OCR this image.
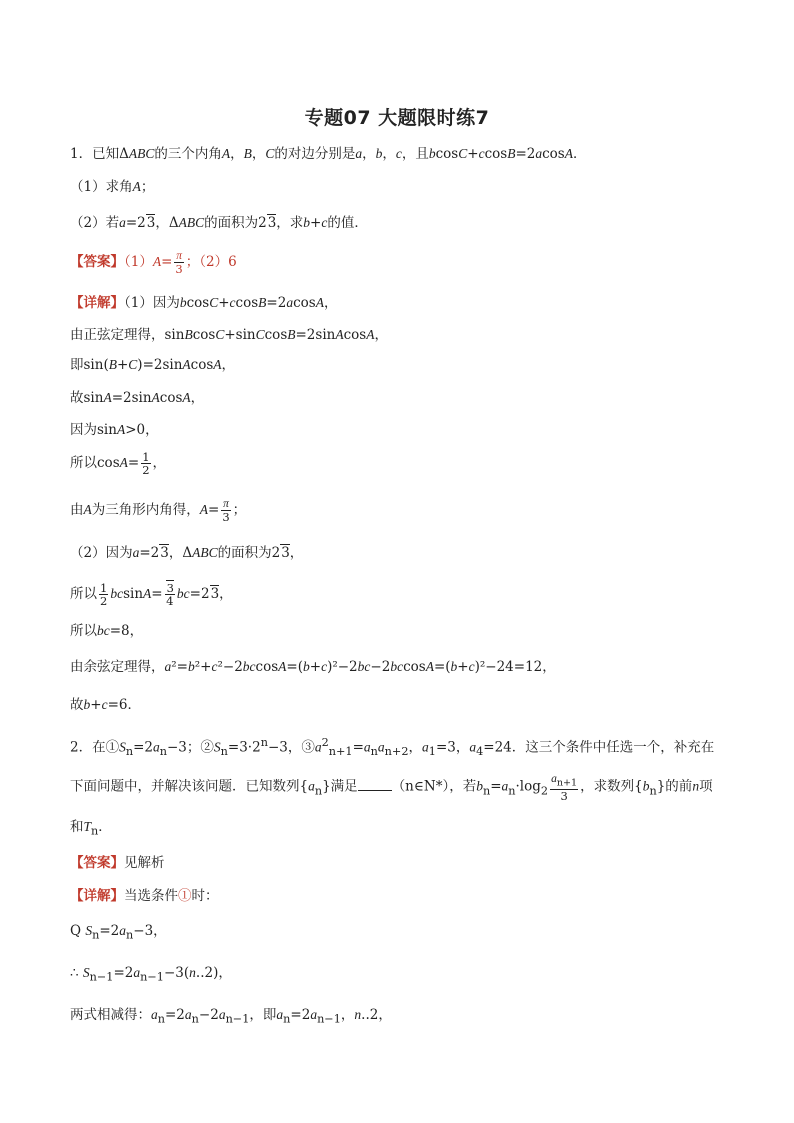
专题07 大题限时练7
1．已知ΔABC的三个内角A，B，C的对边分别是a，b，c，且bcosC+ccosB=2acosA．
（1）求角A；
（2）若a=23，ΔABC的面积为23，求b+c的值．
【答案】$(1)A= \frac{\pi}{3}$ ；（2）6
【详解】（1）因为bcosC+ccosB=2acosA，
由正弦定理得，sinBcosC+sinCcosB=2sinAcosA，
即sin(B+C)=2sinAcosA，
故sinA=2sinAcosA，
因为sinA>0，
所以$\cos A= \frac{1}{2}$ ，
由A为三角形内角得，$A= \frac{\pi}{3}$ ；
（2）因为a=23，ΔABC的面积为23，
所以 $\frac{1}{2} bcsinA= \frac{3}{4} bc=23$，
所以bc=8，
由余弦定理得，a²=b²+c²−2bccosA=(b+c)²−2bc−2bccosA=(b+c)²−24=12，
故b+c=6．
2．在$①S_n=2a_n-3$；$②S_n=3\cdot 2^n-3$，$③a^2_{n+1}=a_na_{n+2}$，$a_1=3$，$a_4=24$．这三个条件中任选一个，补充在
下面问题中，并解决该问题．已知数列$\{a_n\}$满足	（n∈N*），若$b_n=a_n\cdot\log_2 \frac{a_{n+1}}{3}$ ，求数列$\{b_n\}$的前n项
和$T_n$．
【答案】见解析
【详解】当选条件①时：
Q $S_n=2a_n-3$，
∴ $S_{n-1}=2a_{n-1}-3(n..2)$，
两式相减得：$a_n=2a_n-2a_{n-1}$，即$a_n=2a_{n-1}$，n..2，
